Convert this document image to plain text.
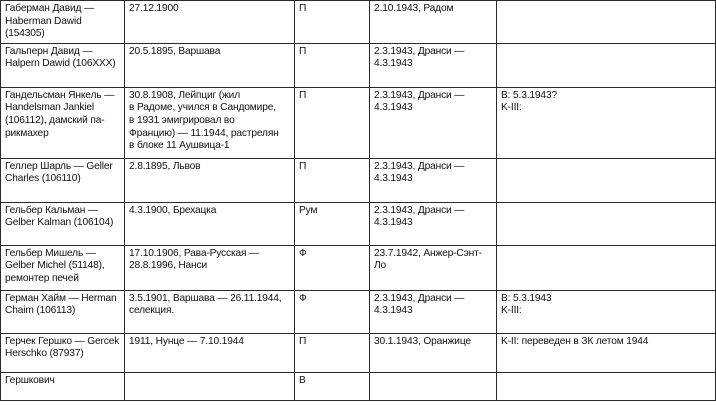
Габерман Давид —
Haberman Dawid
(154305)	27.12.1900	П	2.10.1943, Радом	
Гальперн Давид —
Halpern Dawid (106XXX)	20.5.1895, Варшава	П	2.3.1943, Дранси —
4.3.1943	
Гандельсман Янкель —
Handelsman Jankiel
(106112), дамский па-
рикмахер	30.8.1908, Лейпциг (жил
в Радоме, учился в Сандомире,
в 1931 эмигрировал во
Францию) — 11.1944, растрелян
в блоке 11 Аушвица-1	П	2.3.1943, Дранси —
4.3.1943	В: 5.3.1943?
K-III:
Геллер Шарль — Geller
Charles (106110)	2.8.1895, Львов	П	2.3.1943, Дранси —
4.3.1943	
Гельбер Кальман —
Gelber Kalman (106104)	4.3.1900, Брехацка	Рум	2.3.1943, Дранси —
4.3.1943	
Гельбер Мишель —
Gelber Michel (51148),
ремонтер печей	17.10.1906, Рава-Русская —
28.8.1996, Нанси	Ф	23.7.1942, Анжер-Сэнт-
Ло	
Герман Хайм — Herman
Chaim (106113)	3.5.1901, Варшава — 26.11.1944,
селекция.	Ф	2.3.1943, Дранси —
4.3.1943	В: 5.3.1943
K-III:
Герчек Гершко — Gercek
Herschko (87937)	1911, Нунце — 7.10.1944	П	30.1.1943, Оранжице	K-II: переведен в ЗК летом 1944
Гершкович		В		
